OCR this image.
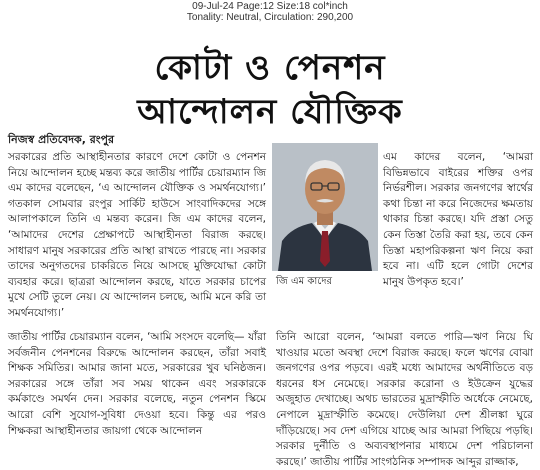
09-Jul-24 Page:12 Size:18 col*inch
Tonality: Neutral, Circulation: 290,200
কোটা ও পেনশন
আন্দোলন যৌক্তিক
নিজস্ব প্রতিবেদক, রংপুর

সরকারের প্রতি আস্থাহীনতার কারণে দেশে কোটা ও পেনশন নিয়ে আন্দোলন হচ্ছে মন্তব্য করে জাতীয় পার্টির চেয়ারম্যান জি এম কাদের বলেছেন, ‘এ আন্দোলন যৌক্তিক ও সমর্থনযোগ্য।’ গতকাল সোমবার রংপুর সার্কিট হাউসে সাংবাদিকদের সঙ্গে আলাপকালে তিনি এ মন্তব্য করেন। জি এম কাদের বলেন, ‘আমাদের দেশের প্রেক্ষাপটে আস্থাহীনতা বিরাজ করছে। সাধারণ মানুষ সরকারের প্রতি আস্থা রাখতে পারছে না। সরকার তাদের অনুগতদের চাকরিতে নিয়ে আসছে মুক্তিযোদ্ধা কোটা ব্যবহার করে। ছাত্ররা আন্দোলন করছে, যাতে সরকার চাপের মুখে সেটি তুলে নেয়। যে আন্দোলন চলছে, আমি মনে করি তা সমর্থনযোগ্য।’

জি এম কাদের

এম কাদের বলেন, ‘আমরা বিভিন্নভাবে বাইরের শক্তির ওপর নির্ভরশীল। সরকার জনগণের স্বার্থের কথা চিন্তা না করে নিজেদের ক্ষমতায় থাকার চিন্তা করছে। যদি প্রস্তা সেতু কেন তিস্তা তৈরি করা হয়, তবে কেন তিস্তা মহাপরিকল্পনা ঋণ নিয়ে করা হবে না। এটি হলে গোটা দেশের মানুষ উপকৃত হবে।’

জাতীয় পার্টির চেয়ারম্যান বলেন, ‘আমি সংসদে বলেছি— যাঁরা সর্বজনীন পেনশনের বিরুদ্ধে আন্দোলন করছেন, তাঁরা সবাই শিক্ষক সমিতির। আমার জানা মতে, সরকারের খুব ঘনিষ্ঠজন। সরকারের সঙ্গে তাঁরা সব সময় থাকেন এবং সরকারকে কর্মকাণ্ডে সমর্থন দেন। সরকার বলেছে, নতুন পেনশন স্কিমে আরো বেশি সুযোগ-সুবিধা দেওয়া হবে। কিন্তু এর পরও শিক্ষকরা আস্থাহীনতার জায়গা থেকে আন্দোলন

তিনি আরো বলেন, ‘আমরা বলতে পারি—ঋণ নিয়ে ঘি খাওয়ার মতো অবস্থা দেশে বিরাজ করছে। ফলে ঋণের বোঝা জনগণের ওপর পড়বে। এরই মধ্যে আমাদের অর্থনীতিতে বড় ধরনের ধস নেমেছে। সরকার করোনা ও ইউক্রেন যুদ্ধের অজুহাত দেখাচ্ছে। অথচ ভারতের মুদ্রাস্ফীতি অর্ধেকে নেমেছে, নেপালে মুদ্রাস্ফীতি কমেছে। দেউলিয়া দেশ শ্রীলঙ্কা ঘুরে দাঁড়িয়েছে। সব দেশ এগিয়ে যাচ্ছে আর আমরা পিছিয়ে পড়ছি। সরকার দুর্নীতি ও অব্যবস্থাপনার মাধ্যমে দেশ পরিচালনা করছে।’ জাতীয় পার্টির সাংগঠনিক সম্পাদক আব্দুর রাজ্জাক,
